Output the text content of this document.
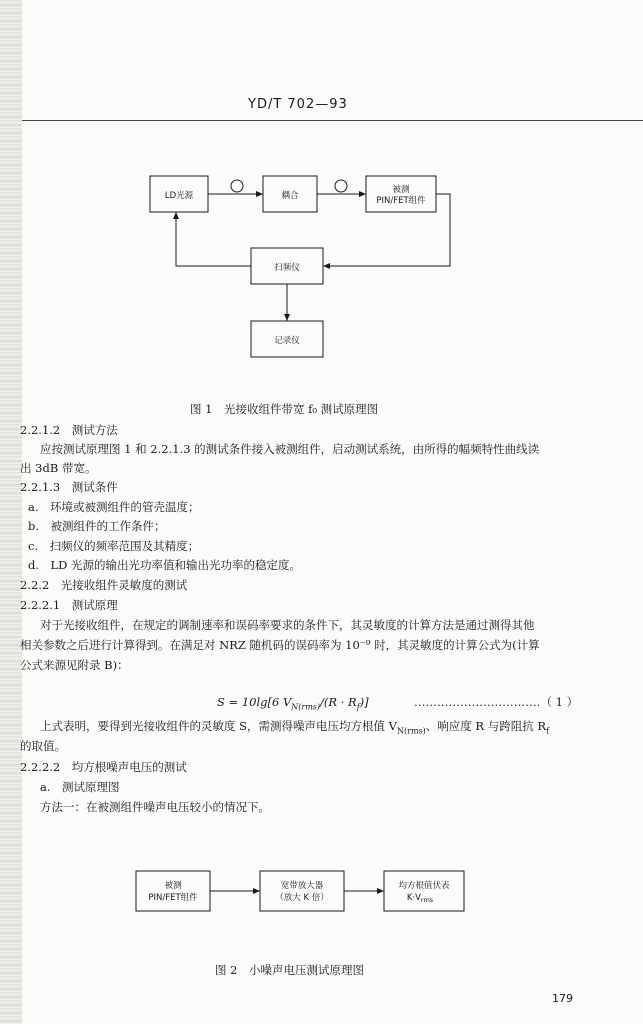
YD/T 702—93
LD光源	耦合
被测
PIN/FET组件
扫频仪
记录仪
被测
PIN/FET组件
宽带放大器
（放大 K 倍）
均方根值伏表
$K\cdot V_{rms}$
图 1　光接收组件带宽 f₀ 测试原理图
2.2.1.2　测试方法
应按测试原理图 1 和 2.2.1.3 的测试条件接入被测组件，启动测试系统，由所得的幅频特性曲线读
出 3dB 带宽。
2.2.1.3　测试条件
a.　环境或被测组件的管壳温度；
b.　被测组件的工作条件；
c.　扫频仪的频率范围及其精度；
d.　LD 光源的输出光功率值和输出光功率的稳定度。
2.2.2　光接收组件灵敏度的测试
2.2.2.1　测试原理
对于光接收组件，在规定的调制速率和误码率要求的条件下，其灵敏度的计算方法是通过测得其他
相关参数之后进行计算得到。在满足对 NRZ 随机码的误码率为 10⁻⁹ 时，其灵敏度的计算公式为(计算
公式来源见附录 B)：
S = 10lg[6 $V_{N(rms)}/(R \cdot R_f)$]	……………………………（ 1 ）
上式表明，要得到光接收组件的灵敏度 S，需测得噪声电压均方根值 $V_{N(rms)}$、响应度 R 与跨阻抗 $R_f$
的取值。
2.2.2.2　均方根噪声电压的测试
a.　测试原理图
方法一：在被测组件噪声电压较小的情况下。
图 2　小噪声电压测试原理图
179
